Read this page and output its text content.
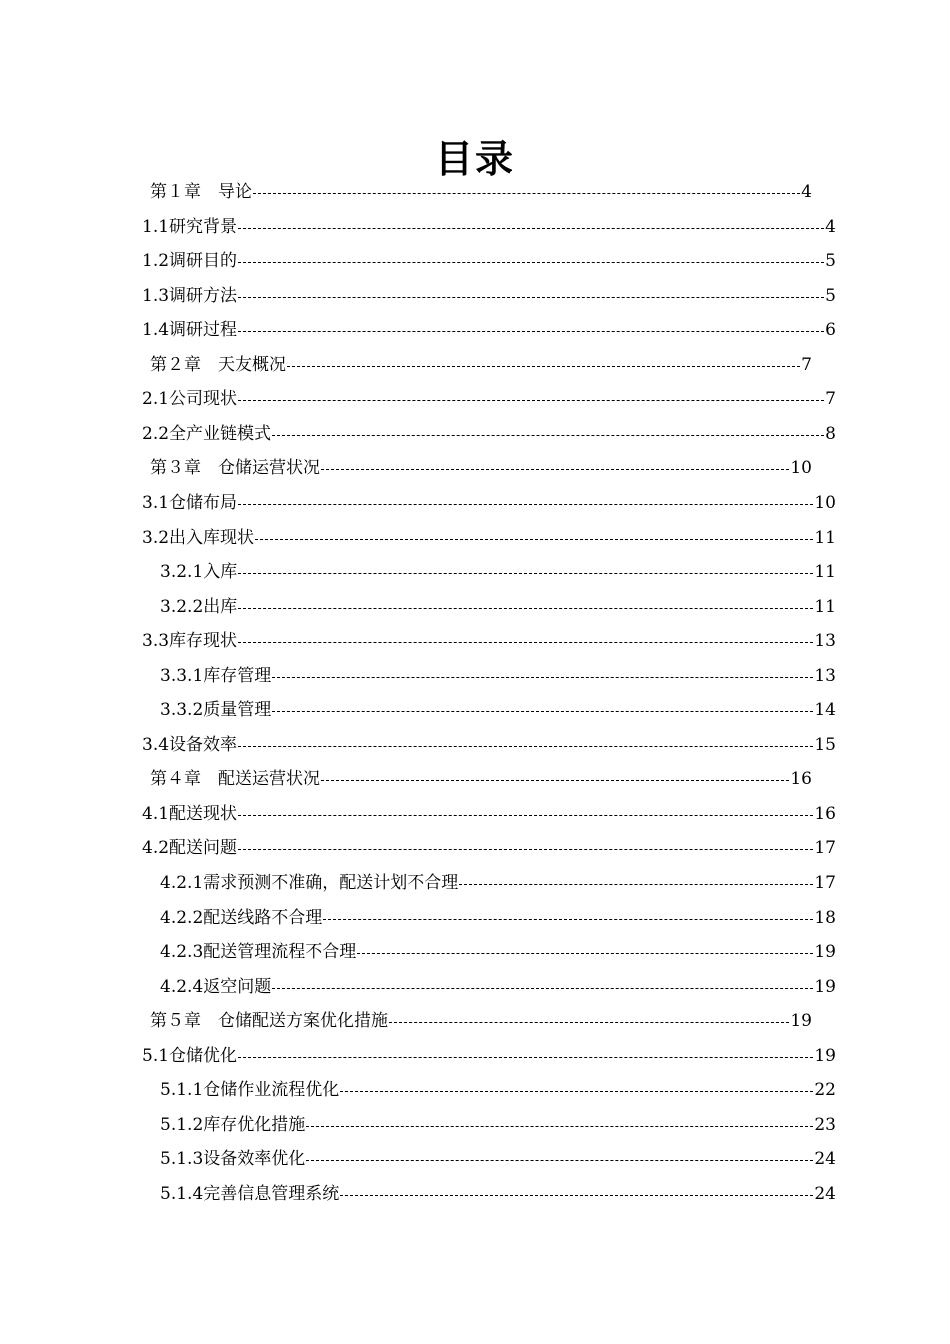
目录
第１章　导论	4
1.1研究背景	4
1.2调研目的	5
1.3调研方法	5
1.4调研过程	6
第２章　天友概况	7
2.1公司现状	7
2.2全产业链模式	8
第３章　仓储运营状况	10
3.1仓储布局	10
3.2出入库现状	11
3.2.1入库	11
3.2.2出库	11
3.3库存现状	13
3.3.1库存管理	13
3.3.2质量管理	14
3.4设备效率	15
第４章　配送运营状况	16
4.1配送现状	16
4.2配送问题	17
4.2.1需求预测不准确，配送计划不合理	17
4.2.2配送线路不合理	18
4.2.3配送管理流程不合理	19
4.2.4返空问题	19
第５章　仓储配送方案优化措施	19
5.1仓储优化	19
5.1.1仓储作业流程优化	22
5.1.2库存优化措施	23
5.1.3设备效率优化	24
5.1.4完善信息管理系统	24
